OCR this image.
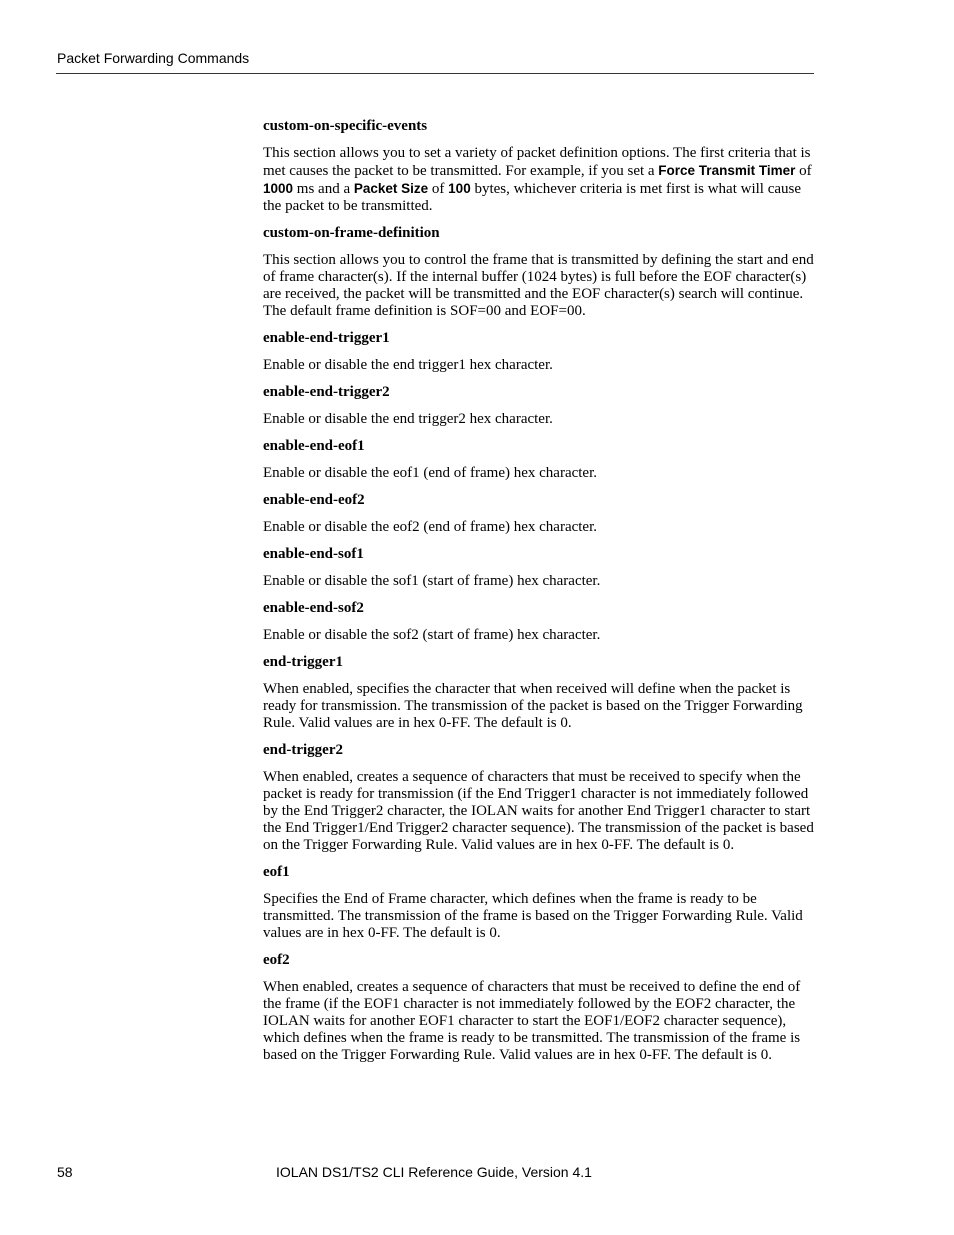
Packet Forwarding Commands
custom-on-specific-events
This section allows you to set a variety of packet definition options. The first criteria that is met causes the packet to be transmitted. For example, if you set a Force Transmit Timer of 1000 ms and a Packet Size of 100 bytes, whichever criteria is met first is what will cause the packet to be transmitted.
custom-on-frame-definition
This section allows you to control the frame that is transmitted by defining the start and end of frame character(s). If the internal buffer (1024 bytes) is full before the EOF character(s) are received, the packet will be transmitted and the EOF character(s) search will continue. The default frame definition is SOF=00 and EOF=00.
enable-end-trigger1
Enable or disable the end trigger1 hex character.
enable-end-trigger2
Enable or disable the end trigger2 hex character.
enable-end-eof1
Enable or disable the eof1 (end of frame) hex character.
enable-end-eof2
Enable or disable the eof2 (end of frame) hex character.
enable-end-sof1
Enable or disable the sof1 (start of frame) hex character.
enable-end-sof2
Enable or disable the sof2 (start of frame) hex character.
end-trigger1
When enabled, specifies the character that when received will define when the packet is ready for transmission. The transmission of the packet is based on the Trigger Forwarding Rule. Valid values are in hex 0-FF. The default is 0.
end-trigger2
When enabled, creates a sequence of characters that must be received to specify when the packet is ready for transmission (if the End Trigger1 character is not immediately followed by the End Trigger2 character, the IOLAN waits for another End Trigger1 character to start the End Trigger1/End Trigger2 character sequence). The transmission of the packet is based on the Trigger Forwarding Rule. Valid values are in hex 0-FF. The default is 0.
eof1
Specifies the End of Frame character, which defines when the frame is ready to be transmitted. The transmission of the frame is based on the Trigger Forwarding Rule. Valid values are in hex 0-FF. The default is 0.
eof2
When enabled, creates a sequence of characters that must be received to define the end of the frame (if the EOF1 character is not immediately followed by the EOF2 character, the IOLAN waits for another EOF1 character to start the EOF1/EOF2 character sequence), which defines when the frame is ready to be transmitted. The transmission of the frame is based on the Trigger Forwarding Rule. Valid values are in hex 0-FF. The default is 0.
58	IOLAN DS1/TS2 CLI Reference Guide, Version 4.1
